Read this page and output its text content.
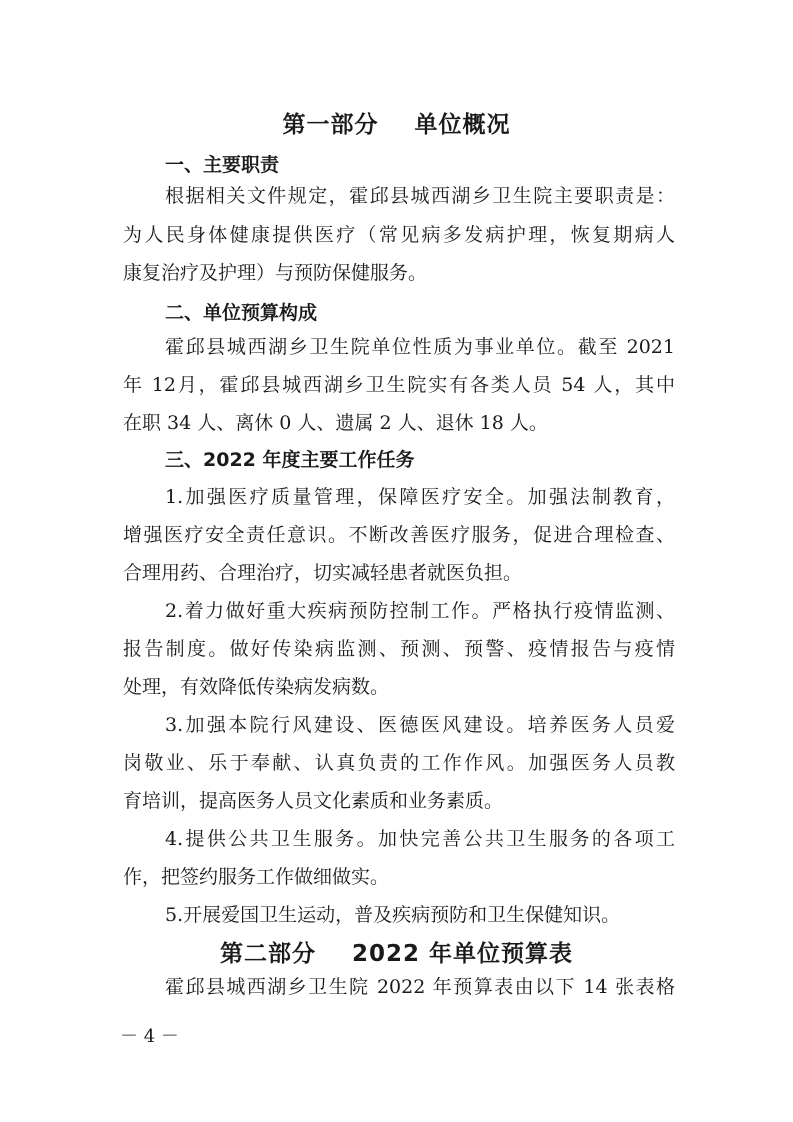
第一部分    单位概况
一、主要职责
根据相关文件规定，霍邱县城西湖乡卫生院主要职责是：
为人民身体健康提供医疗（常见病多发病护理，恢复期病人
康复治疗及护理）与预防保健服务。
二、单位预算构成
霍邱县城西湖乡卫生院单位性质为事业单位。截至 2021
年 12月，霍邱县城西湖乡卫生院实有各类人员 54 人，其中
在职 34 人、离休 0 人、遗属 2 人、退休 18 人。
三、2022 年度主要工作任务
1.加强医疗质量管理，保障医疗安全。加强法制教育，
增强医疗安全责任意识。不断改善医疗服务，促进合理检查、
合理用药、合理治疗，切实减轻患者就医负担。
2.着力做好重大疾病预防控制工作。严格执行疫情监测、
报告制度。做好传染病监测、预测、预警、疫情报告与疫情
处理，有效降低传染病发病数。
3.加强本院行风建设、医德医风建设。培养医务人员爱
岗敬业、乐于奉献、认真负责的工作作风。加强医务人员教
育培训，提高医务人员文化素质和业务素质。
4.提供公共卫生服务。加快完善公共卫生服务的各项工
作，把签约服务工作做细做实。
5.开展爱国卫生运动，普及疾病预防和卫生保健知识。
第二部分    2022 年单位预算表
霍邱县城西湖乡卫生院 2022 年预算表由以下 14 张表格
－ 4 －
